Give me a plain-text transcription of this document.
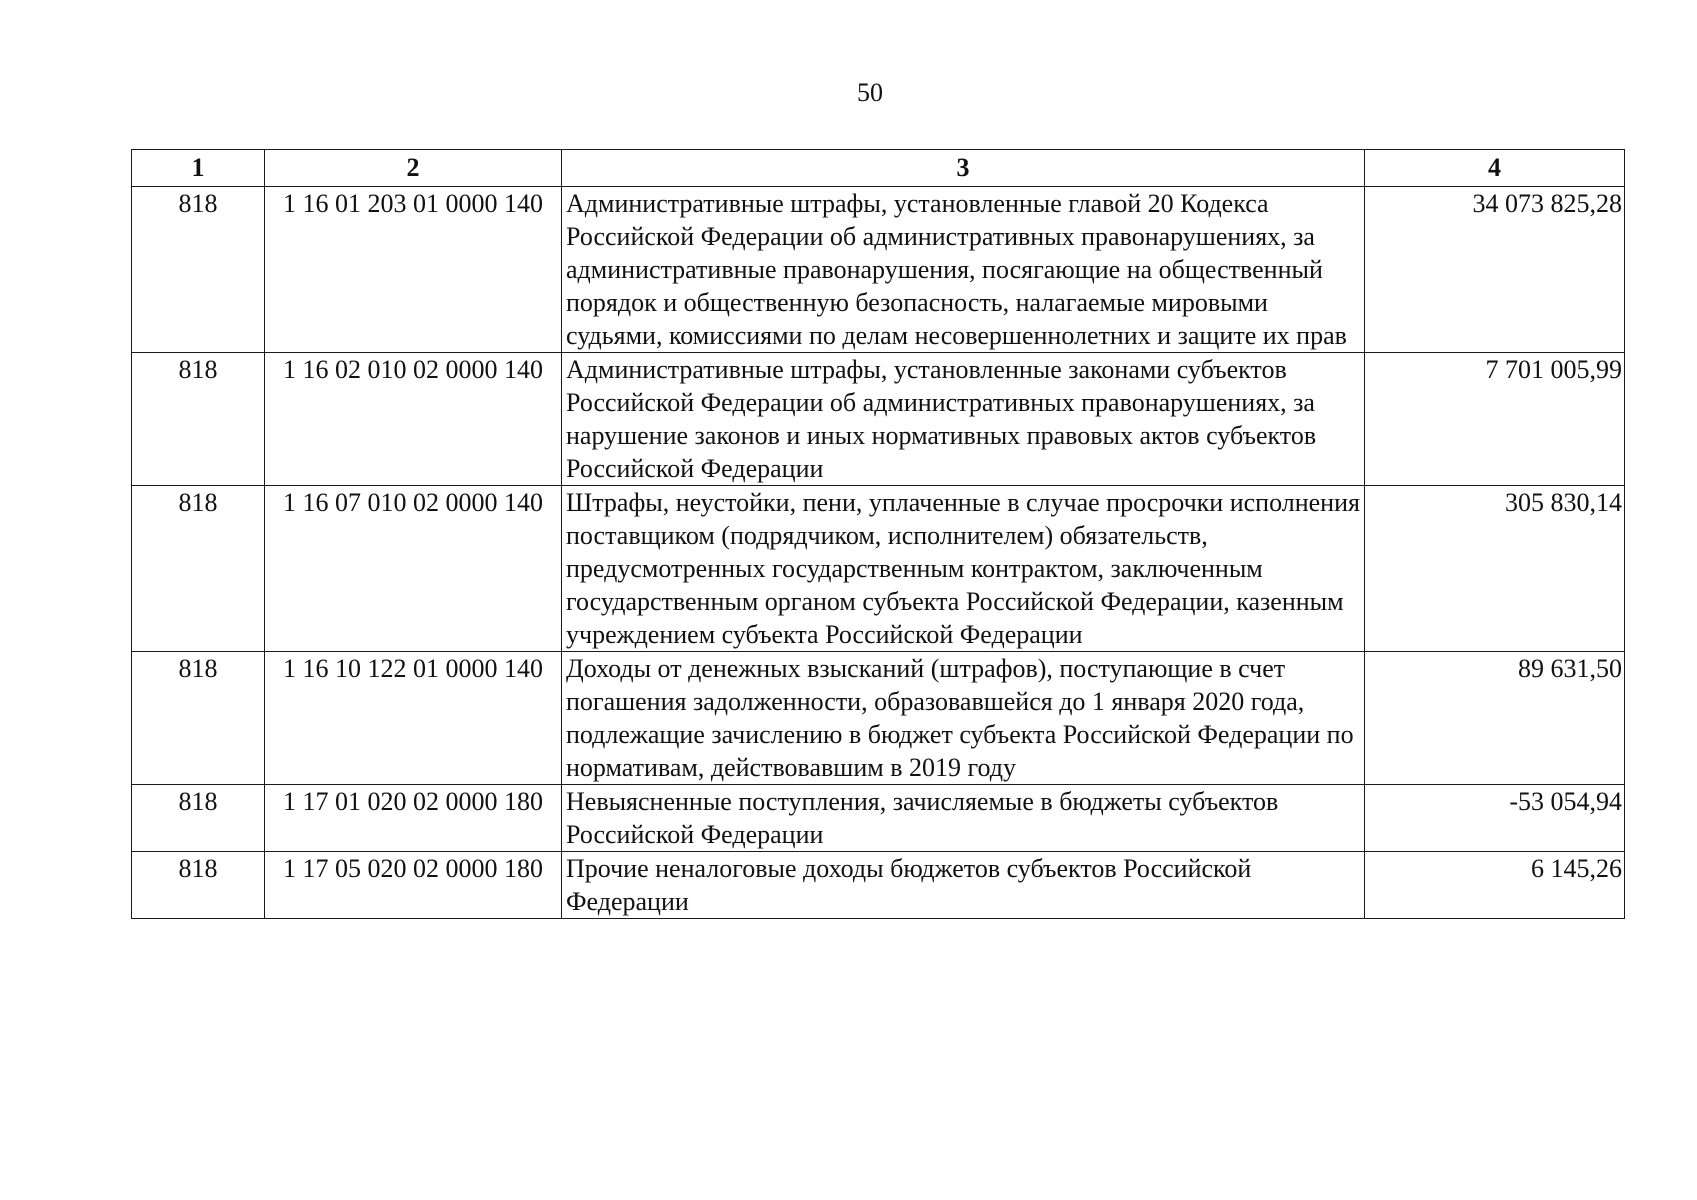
50
1	2	3	4
818	1 16 01 203 01 0000 140	Административные штрафы, установленные главой 20 Кодекса Российской Федерации об административных правонарушениях, за административные правонарушения, посягающие на общественный порядок и общественную безопасность, налагаемые мировыми судьями, комиссиями по делам несовершеннолетних и защите их прав	34 073 825,28
818	1 16 02 010 02 0000 140	Административные штрафы, установленные законами субъектов Российской Федерации об административных правонарушениях, за нарушение законов и иных нормативных правовых актов субъектов Российской Федерации	7 701 005,99
818	1 16 07 010 02 0000 140	Штрафы, неустойки, пени, уплаченные в случае просрочки исполнения поставщиком (подрядчиком, исполнителем) обязательств, предусмотренных государственным контрактом, заключенным государственным органом субъекта Российской Федерации, казенным учреждением субъекта Российской Федерации	305 830,14
818	1 16 10 122 01 0000 140	Доходы от денежных взысканий (штрафов), поступающие в счет погашения задолженности, образовавшейся до 1 января 2020 года, подлежащие зачислению в бюджет субъекта Российской Федерации по нормативам, действовавшим в 2019 году	89 631,50
818	1 17 01 020 02 0000 180	Невыясненные поступления, зачисляемые в бюджеты субъектов Российской Федерации	-53 054,94
818	1 17 05 020 02 0000 180	Прочие неналоговые доходы бюджетов субъектов Российской Федерации	6 145,26
